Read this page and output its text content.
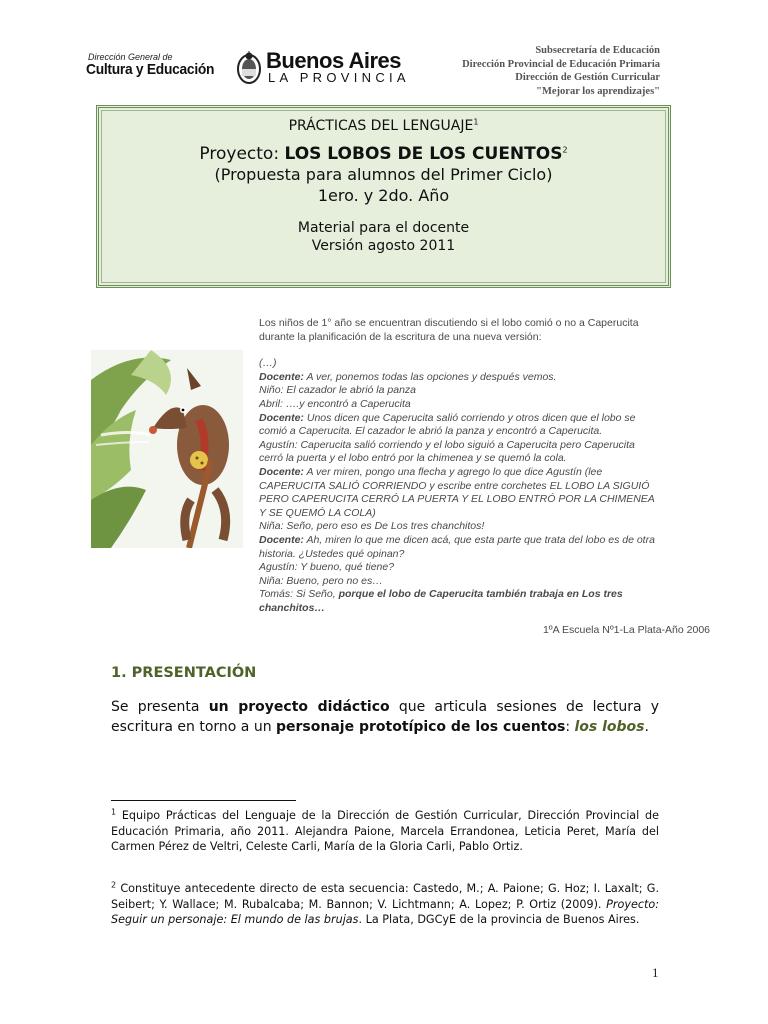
Dirección General de
Cultura y Educación Buenos Aires
LA PROVINCIA
Subsecretaría de Educación
Dirección Provincial de Educación Primaria
Dirección de Gestión Curricular
"Mejorar los aprendizajes"
PRÁCTICAS DEL LENGUAJE$^1$
Proyecto: LOS LOBOS DE LOS CUENTOS$^2$
(Propuesta para alumnos del Primer Ciclo)
1ero. y 2do. Año
Material para el docente
Versión agosto 2011
Los niños de 1° año se encuentran discutiendo si el lobo comió o no a Caperucita
durante la planificación de la escritura de una nueva versión:
(…)
Docente: A ver, ponemos todas las opciones y después vemos.
Niño: El cazador le abrió la panza
Abril: ….y encontró a Caperucita
Docente: Unos dicen que Caperucita salió corriendo y otros dicen que el lobo se
comió a Caperucita. El cazador le abrió la panza y encontró a Caperucita.
Agustín: Caperucita salió corriendo y el lobo siguió a Caperucita pero Caperucita
cerró la puerta y el lobo entró por la chimenea y se quemó la cola.
Docente: A ver miren, pongo una flecha y agrego lo que dice Agustín (lee
CAPERUCITA SALIÓ CORRIENDO y escribe entre corchetes EL LOBO LA SIGUIÓ
PERO CAPERUCITA CERRÓ LA PUERTA Y EL LOBO ENTRÓ POR LA CHIMENEA
Y SE QUEMÓ LA COLA)
Niña: Seño, pero eso es De Los tres chanchitos!
Docente: Ah, miren lo que me dicen acá, que esta parte que trata del lobo es de otra
historia. ¿Ustedes qué opinan?
Agustín: Y bueno, qué tiene?
Niña: Bueno, pero no es…
Tomás: Si Seño, porque el lobo de Caperucita también trabaja en Los tres
chanchitos…
1ºA Escuela Nº1-La Plata-Año 2006
1. PRESENTACIÓN
Se presenta un proyecto didáctico que articula sesiones de lectura y escritura en torno a un personaje prototípico de los cuentos: los lobos.
$^1$ Equipo Prácticas del Lenguaje de la Dirección de Gestión Curricular, Dirección Provincial de Educación Primaria, año 2011. Alejandra Paione, Marcela Errandonea, Leticia Peret, María del Carmen Pérez de Veltri, Celeste Carli, María de la Gloria Carli, Pablo Ortiz.
$^2$ Constituye antecedente directo de esta secuencia: Castedo, M.; A. Paione; G. Hoz; I. Laxalt; G. Seibert; Y. Wallace; M. Rubalcaba; M. Bannon; V. Lichtmann; A. Lopez; P. Ortiz (2009). Proyecto: Seguir un personaje: El mundo de las brujas. La Plata, DGCyE de la provincia de Buenos Aires.
1
